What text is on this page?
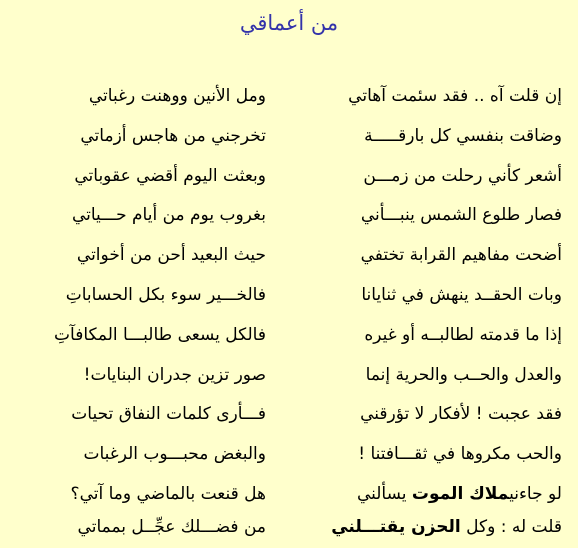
من أعماقي
إن قلت آه .. فقد سئمت آهاتي
ومل الأنين ووهنت رغباتي
وضاقت بنفسي كل بارقـــــة
تخرجني من هاجس أزماتي
أشعر كأني رحلت من زمـــن
وبعثت اليوم أقضي عقوباتي
فصار طلوع الشمس ينبـــأني
بغروب يوم من أيام حـــياتي
أضحت مفاهيم القرابة تختفي
حيث البعيد أحن من أخواتي
وبات الحقــد ينهش في ثنايانا
فالخـــير سوء بكل الحساباتِ
إذا ما قدمته لطالبــه أو غيره
فالكل يسعى طالبـــا المكافآتِ
والعدل والحــب والحرية إنما
صور تزين جدران البنايات!
فقد عجبت ! لأفكار لا تؤرقني
فـــأرى كلمات النفاق تحيات
والحب مكروها في ثقـــافتنا !
والبغض محبـــوب الرغبات
لو جاءنيملاك الموت يسألني
هل قنعت بالماضي وما آتي؟
قلت له : وكل الحزن يقتـــلني
من فضـــلك عجِّــل بمماتي
